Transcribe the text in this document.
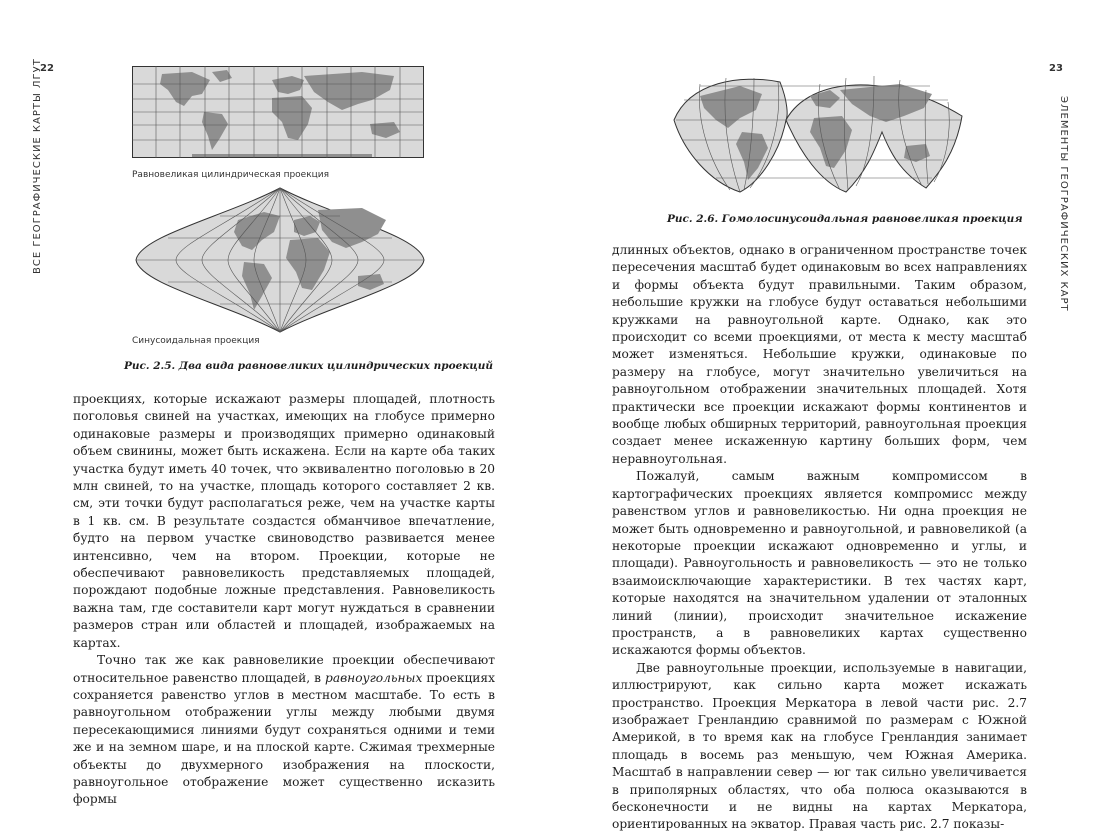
22
ВСЕ ГЕОГРАФИЧЕСКИЕ КАРТЫ ЛГУТ	Равновеликая цилиндрическая проекция
Синусоидальная проекция
Рис. 2.5. Два вида равновеликих цилиндрических проекций

проекциях, которые искажают размеры площадей, плотность поголовья свиней на участках, имеющих на глобусе примерно одинаковые размеры и производящих примерно одинаковый объем свинины, может быть искажена. Если на карте оба таких участка будут иметь 40 точек, что эквивалентно поголовью в 20 млн свиней, то на участке, площадь которого составляет 2 кв. см, эти точки будут располагаться реже, чем на участке карты в 1 кв. см. В результате создастся обманчивое впечатление, будто на первом участке свиноводство развивается менее интенсивно, чем на втором. Проекции, которые не обеспечивают равновеликость представляемых площадей, порождают подобные ложные представления. Равновеликость важна там, где составители карт могут нуждаться в сравнении размеров стран или областей и площадей, изображаемых на картах.

Точно так же как равновеликие проекции обеспечивают относительное равенство площадей, в равноугольных проекциях сохраняется равенство углов в местном масштабе. То есть в равноугольном отображении углы между любыми двумя пересекающимися линиями будут сохраняться одними и теми же и на земном шаре, и на плоской карте. Сжимая трехмерные объекты до двухмерного изображения на плоскости, равноугольное отображение может существенно исказить формы

23
ЭЛЕМЕНТЫ ГЕОГРАФИЧЕСКИХ КАРТ
Рис. 2.6. Гомолосинусоидальная равновеликая проекция

длинных объектов, однако в ограниченном пространстве точек пересечения масштаб будет одинаковым во всех направлениях и формы объекта будут правильными. Таким образом, небольшие кружки на глобусе будут оставаться небольшими кружками на равноугольной карте. Однако, как это происходит со всеми проекциями, от места к месту масштаб может изменяться. Небольшие кружки, одинаковые по размеру на глобусе, могут значительно увеличиться на равноугольном отображении значительных площадей. Хотя практически все проекции искажают формы континентов и вообще любых обширных территорий, равноугольная проекция создает менее искаженную картину больших форм, чем неравноугольная.

Пожалуй, самым важным компромиссом в картографических проекциях является компромисс между равенством углов и равновеликостью. Ни одна проекция не может быть одновременно и равноугольной, и равновеликой (а некоторые проекции искажают одновременно и углы, и площади). Равноугольность и равновеликость — это не только взаимоисключающие характеристики. В тех частях карт, которые находятся на значительном удалении от эталонных линий (линии), происходит значительное искажение пространств, а в равновеликих картах существенно искажаются формы объектов.

Две равноугольные проекции, используемые в навигации, иллюстрируют, как сильно карта может искажать пространство. Проекция Меркатора в левой части рис. 2.7 изображает Гренландию сравнимой по размерам с Южной Америкой, в то время как на глобусе Гренландия занимает площадь в восемь раз меньшую, чем Южная Америка. Масштаб в направлении север — юг так сильно увеличивается в приполярных областях, что оба полюса оказываются в бесконечности и не видны на картах Меркатора, ориентированных на экватор. Правая часть рис. 2.7 показы-
